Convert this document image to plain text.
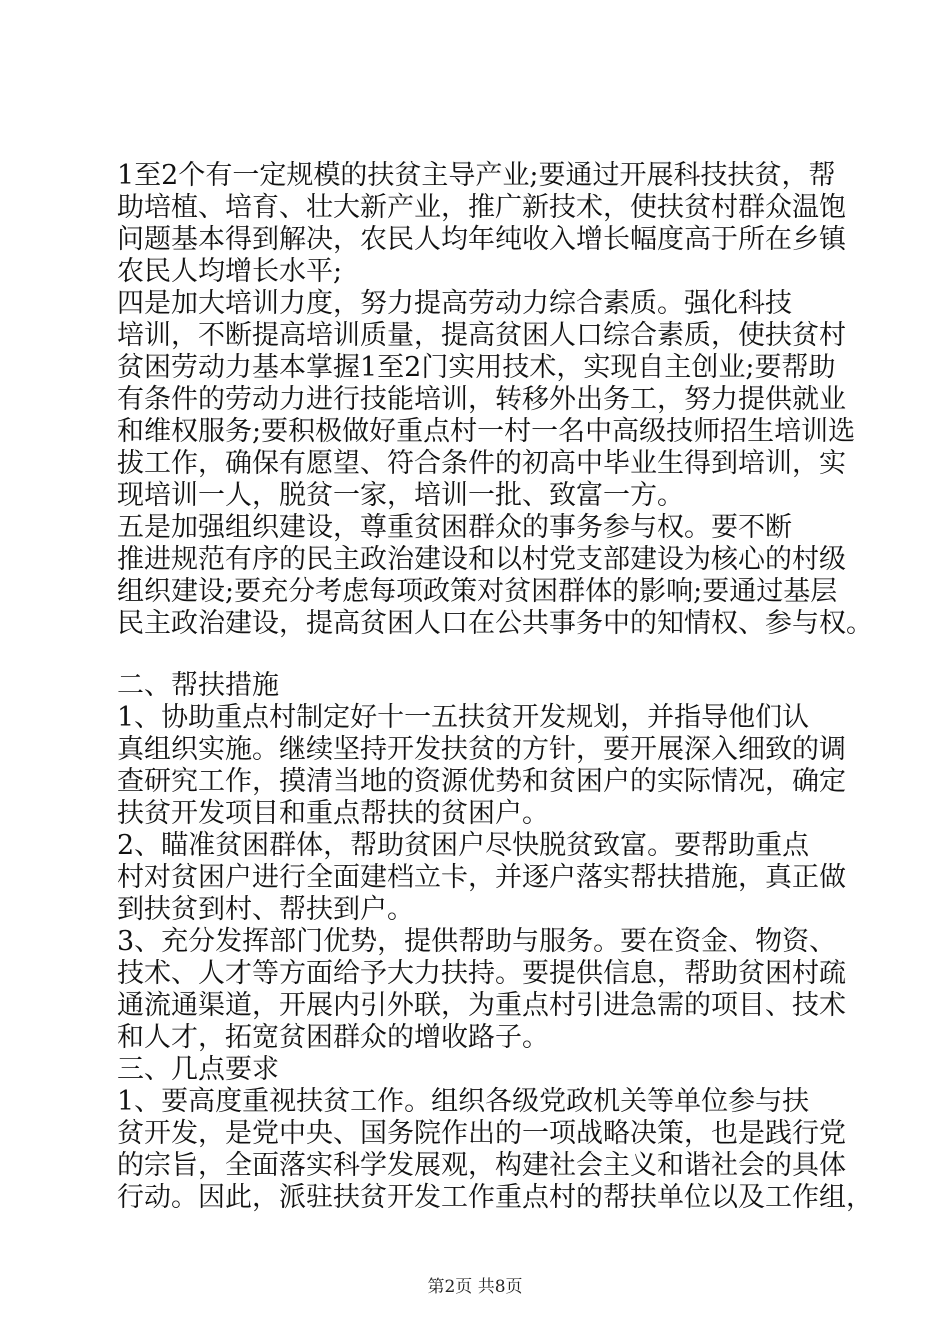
1至2个有一定规模的扶贫主导产业;要通过开展科技扶贫，帮
助培植、培育、壮大新产业，推广新技术，使扶贫村群众温饱
问题基本得到解决，农民人均年纯收入增长幅度高于所在乡镇
农民人均增长水平;
四是加大培训力度，努力提高劳动力综合素质。强化科技
培训，不断提高培训质量，提高贫困人口综合素质，使扶贫村
贫困劳动力基本掌握1至2门实用技术，实现自主创业;要帮助
有条件的劳动力进行技能培训，转移外出务工，努力提供就业
和维权服务;要积极做好重点村一村一名中高级技师招生培训选
拔工作，确保有愿望、符合条件的初高中毕业生得到培训，实
现培训一人，脱贫一家，培训一批、致富一方。
五是加强组织建设，尊重贫困群众的事务参与权。要不断
推进规范有序的民主政治建设和以村党支部建设为核心的村级
组织建设;要充分考虑每项政策对贫困群体的影响;要通过基层
民主政治建设，提高贫困人口在公共事务中的知情权、参与权。
二、帮扶措施
1、协助重点村制定好十一五扶贫开发规划，并指导他们认
真组织实施。继续坚持开发扶贫的方针，要开展深入细致的调
查研究工作，摸清当地的资源优势和贫困户的实际情况，确定
扶贫开发项目和重点帮扶的贫困户。
2、瞄准贫困群体，帮助贫困户尽快脱贫致富。要帮助重点
村对贫困户进行全面建档立卡，并逐户落实帮扶措施，真正做
到扶贫到村、帮扶到户。
3、充分发挥部门优势，提供帮助与服务。要在资金、物资、
技术、人才等方面给予大力扶持。要提供信息，帮助贫困村疏
通流通渠道，开展内引外联，为重点村引进急需的项目、技术
和人才，拓宽贫困群众的增收路子。
三、几点要求
1、要高度重视扶贫工作。组织各级党政机关等单位参与扶
贫开发，是党中央、国务院作出的一项战略决策，也是践行党
的宗旨，全面落实科学发展观，构建社会主义和谐社会的具体
行动。因此，派驻扶贫开发工作重点村的帮扶单位以及工作组，
第2页 共8页
